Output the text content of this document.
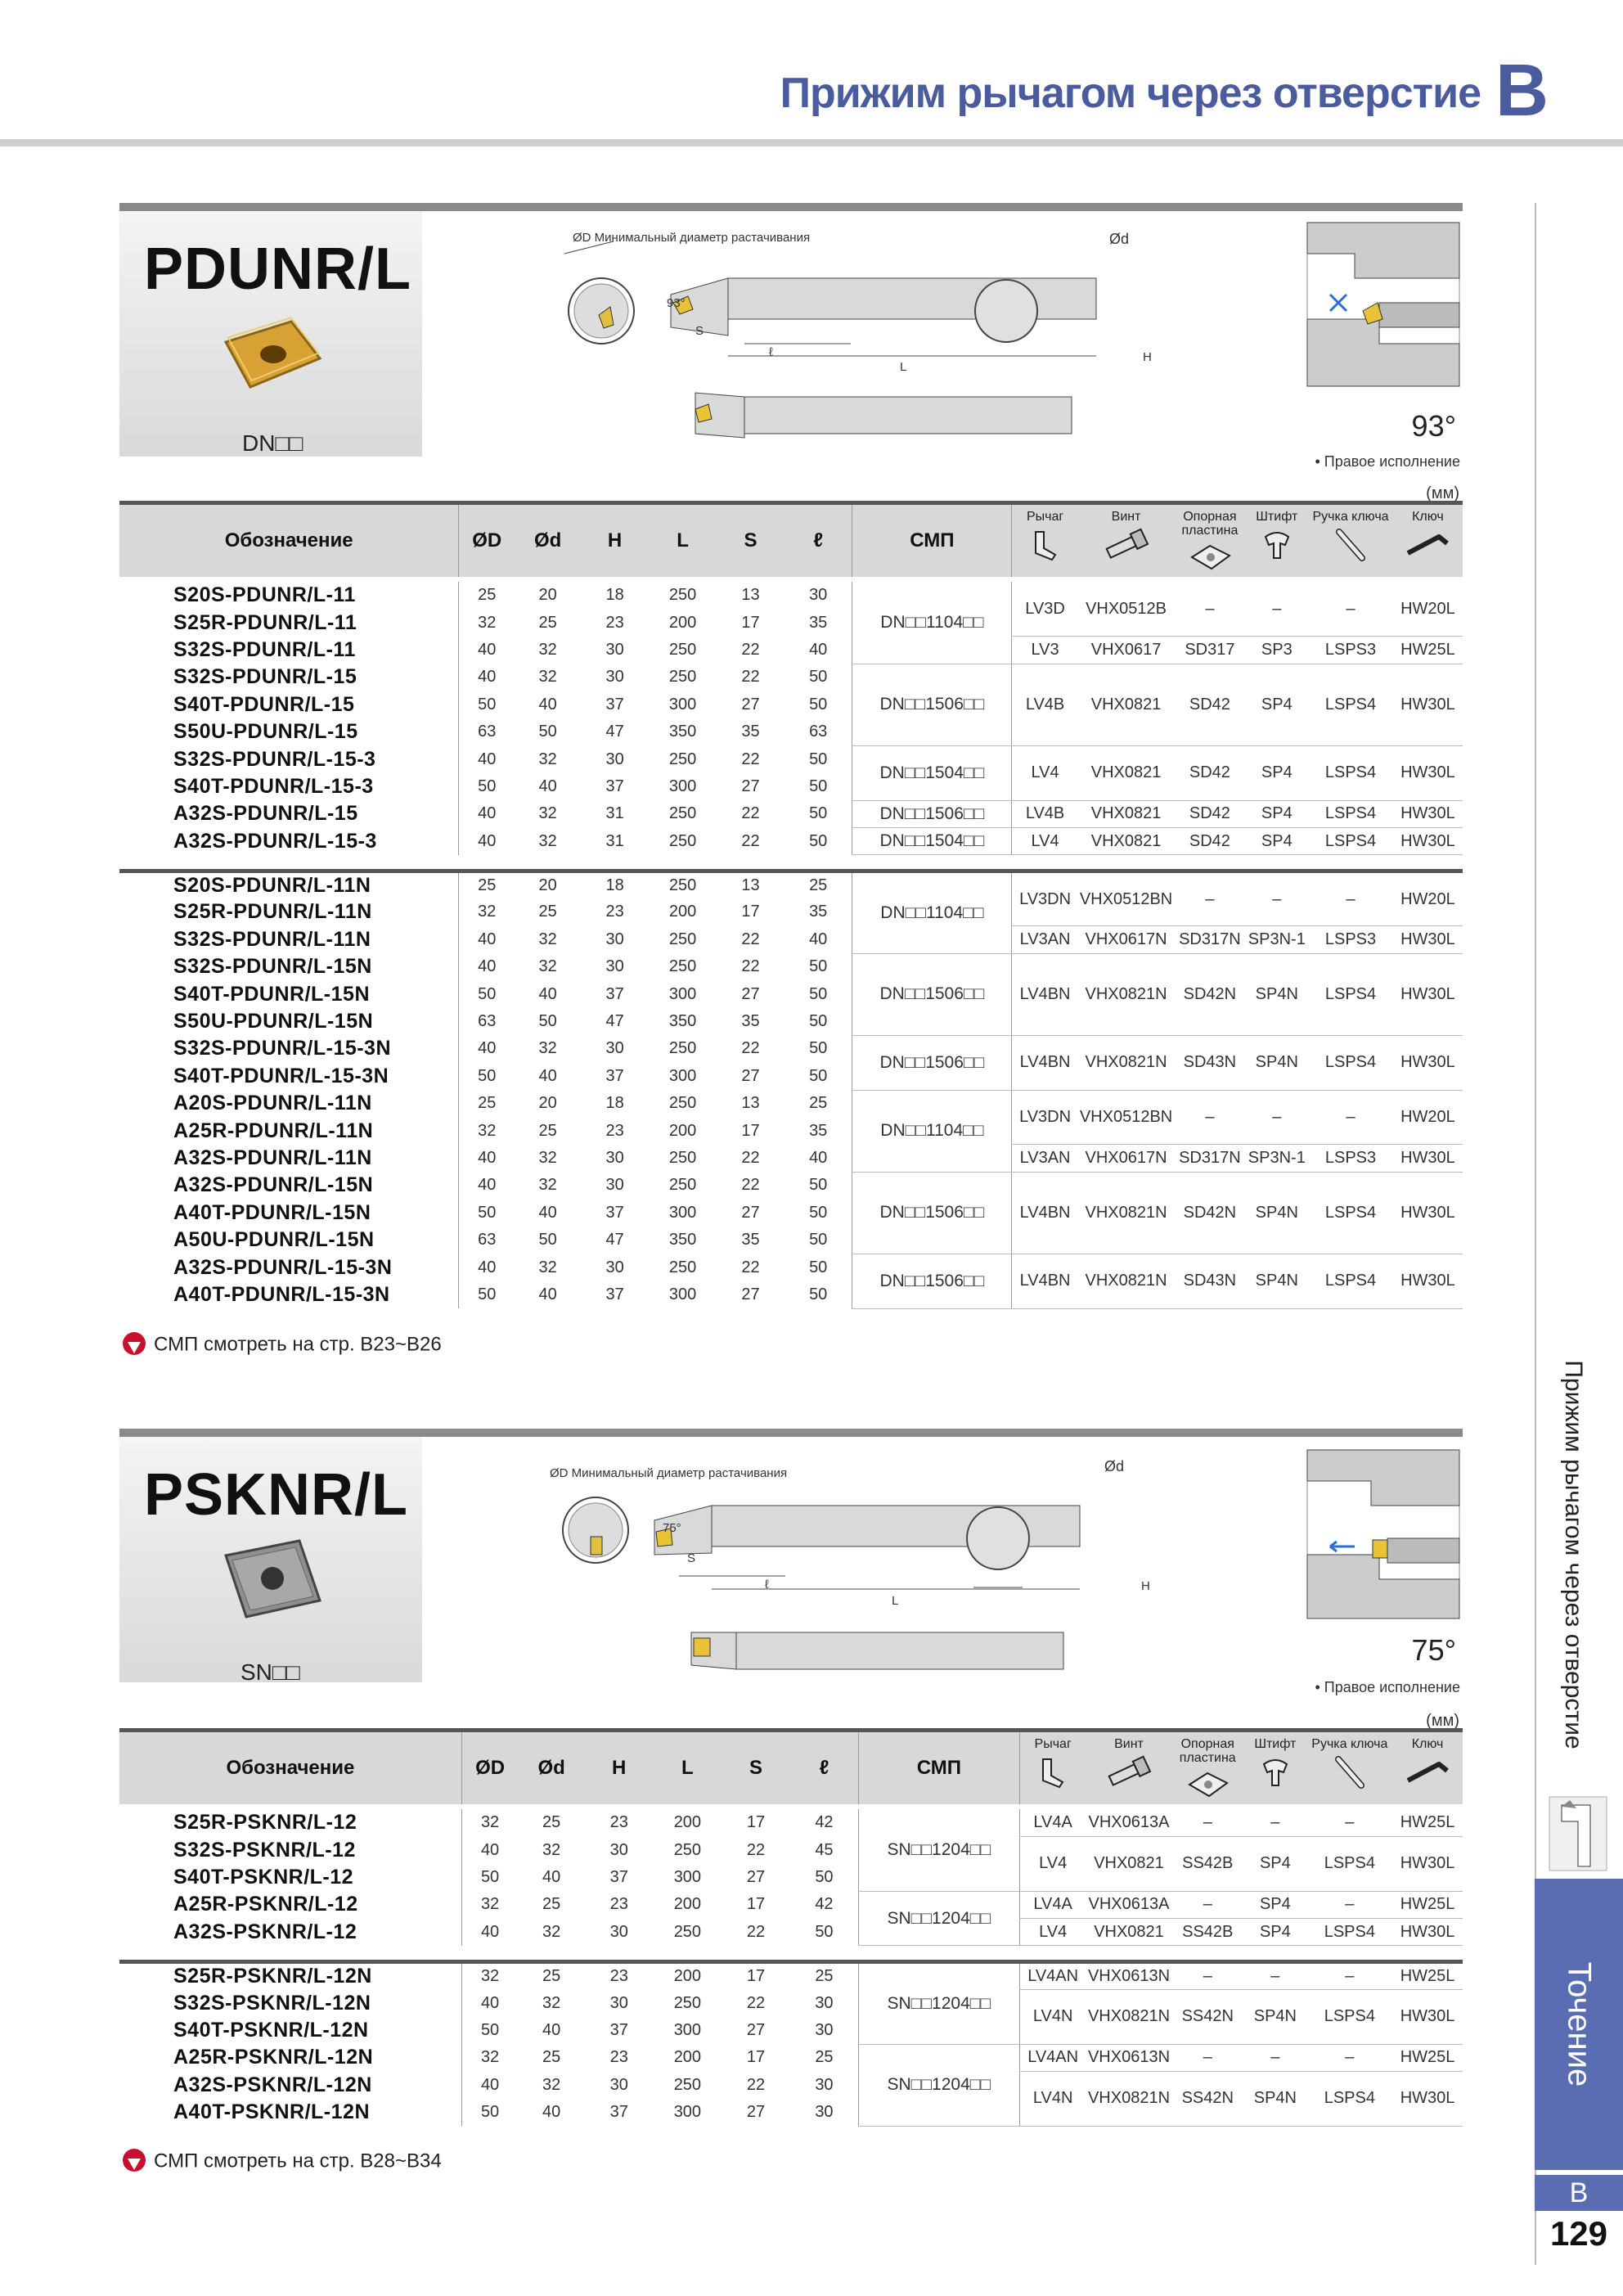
Прижим рычагом через отверстие B
Прижим рычагом через отверстие
Точение
B
129
PDUNR/L
DN□□
93°
ØD Минимальный диаметр растачивания	Ød
H
L
S
ℓ
93°
• Правое исполнение
(мм)
Обозначение	ØD	Ød	H	L	S	ℓ	СМП	Рычаг	Винт	Опорная пластина	Штифт	Ручка ключа	Ключ

S20S-PDUNR/L-11	25	20	18	250	13	30	DN□□1104□□	LV3D	VHX0512B	–	–	–	HW20L
S25R-PDUNR/L-11	32	25	23	200	17	35							
S32S-PDUNR/L-11	40	32	30	250	22	40		LV3	VHX0617	SD317	SP3	LSPS3	HW25L
S32S-PDUNR/L-15	40	32	30	250	22	50	DN□□1506□□	LV4B	VHX0821	SD42	SP4	LSPS4	HW30L
S40T-PDUNR/L-15	50	40	37	300	27	50							
S50U-PDUNR/L-15	63	50	47	350	35	63							
S32S-PDUNR/L-15-3	40	32	30	250	22	50	DN□□1504□□	LV4	VHX0821	SD42	SP4	LSPS4	HW30L
S40T-PDUNR/L-15-3	50	40	37	300	27	50							
A32S-PDUNR/L-15	40	32	31	250	22	50	DN□□1506□□	LV4B	VHX0821	SD42	SP4	LSPS4	HW30L
A32S-PDUNR/L-15-3	40	32	31	250	22	50	DN□□1504□□	LV4	VHX0821	SD42	SP4	LSPS4	HW30L

S20S-PDUNR/L-11N	25	20	18	250	13	25	DN□□1104□□	LV3DN	VHX0512BN	–	–	–	HW20L
S25R-PDUNR/L-11N	32	25	23	200	17	35							
S32S-PDUNR/L-11N	40	32	30	250	22	40		LV3AN	VHX0617N	SD317N	SP3N-1	LSPS3	HW30L
S32S-PDUNR/L-15N	40	32	30	250	22	50	DN□□1506□□	LV4BN	VHX0821N	SD42N	SP4N	LSPS4	HW30L
S40T-PDUNR/L-15N	50	40	37	300	27	50							
S50U-PDUNR/L-15N	63	50	47	350	35	50							
S32S-PDUNR/L-15-3N	40	32	30	250	22	50	DN□□1506□□	LV4BN	VHX0821N	SD43N	SP4N	LSPS4	HW30L
S40T-PDUNR/L-15-3N	50	40	37	300	27	50							
A20S-PDUNR/L-11N	25	20	18	250	13	25	DN□□1104□□	LV3DN	VHX0512BN	–	–	–	HW20L
A25R-PDUNR/L-11N	32	25	23	200	17	35							
A32S-PDUNR/L-11N	40	32	30	250	22	40		LV3AN	VHX0617N	SD317N	SP3N-1	LSPS3	HW30L
A32S-PDUNR/L-15N	40	32	30	250	22	50	DN□□1506□□	LV4BN	VHX0821N	SD42N	SP4N	LSPS4	HW30L
A40T-PDUNR/L-15N	50	40	37	300	27	50							
A50U-PDUNR/L-15N	63	50	47	350	35	50							
A32S-PDUNR/L-15-3N	40	32	30	250	22	50	DN□□1506□□	LV4BN	VHX0821N	SD43N	SP4N	LSPS4	HW30L
A40T-PDUNR/L-15-3N	50	40	37	300	27	50							
СМП смотреть на стр. B23~B26
PSKNR/L
SN□□
75°
ØD Минимальный диаметр растачивания	Ød
H
L
S
ℓ
75°
• Правое исполнение
(мм)
Обозначение	ØD	Ød	H	L	S	ℓ	СМП	Рычаг	Винт	Опорная пластина	Штифт	Ручка ключа	Ключ

S25R-PSKNR/L-12	32	25	23	200	17	42	SN□□1204□□	LV4A	VHX0613A	–	–	–	HW25L
S32S-PSKNR/L-12	40	32	30	250	22	45		LV4	VHX0821	SS42B	SP4	LSPS4	HW30L
S40T-PSKNR/L-12	50	40	37	300	27	50							
A25R-PSKNR/L-12	32	25	23	200	17	42	SN□□1204□□	LV4A	VHX0613A	–	SP4	–	HW25L
A32S-PSKNR/L-12	40	32	30	250	22	50		LV4	VHX0821	SS42B	SP4	LSPS4	HW30L

S25R-PSKNR/L-12N	32	25	23	200	17	25	SN□□1204□□	LV4AN	VHX0613N	–	–	–	HW25L
S32S-PSKNR/L-12N	40	32	30	250	22	30		LV4N	VHX0821N	SS42N	SP4N	LSPS4	HW30L
S40T-PSKNR/L-12N	50	40	37	300	27	30							
A25R-PSKNR/L-12N	32	25	23	200	17	25	SN□□1204□□	LV4AN	VHX0613N	–	–	–	HW25L
A32S-PSKNR/L-12N	40	32	30	250	22	30		LV4N	VHX0821N	SS42N	SP4N	LSPS4	HW30L
A40T-PSKNR/L-12N	50	40	37	300	27	30							
СМП смотреть на стр. B28~B34
